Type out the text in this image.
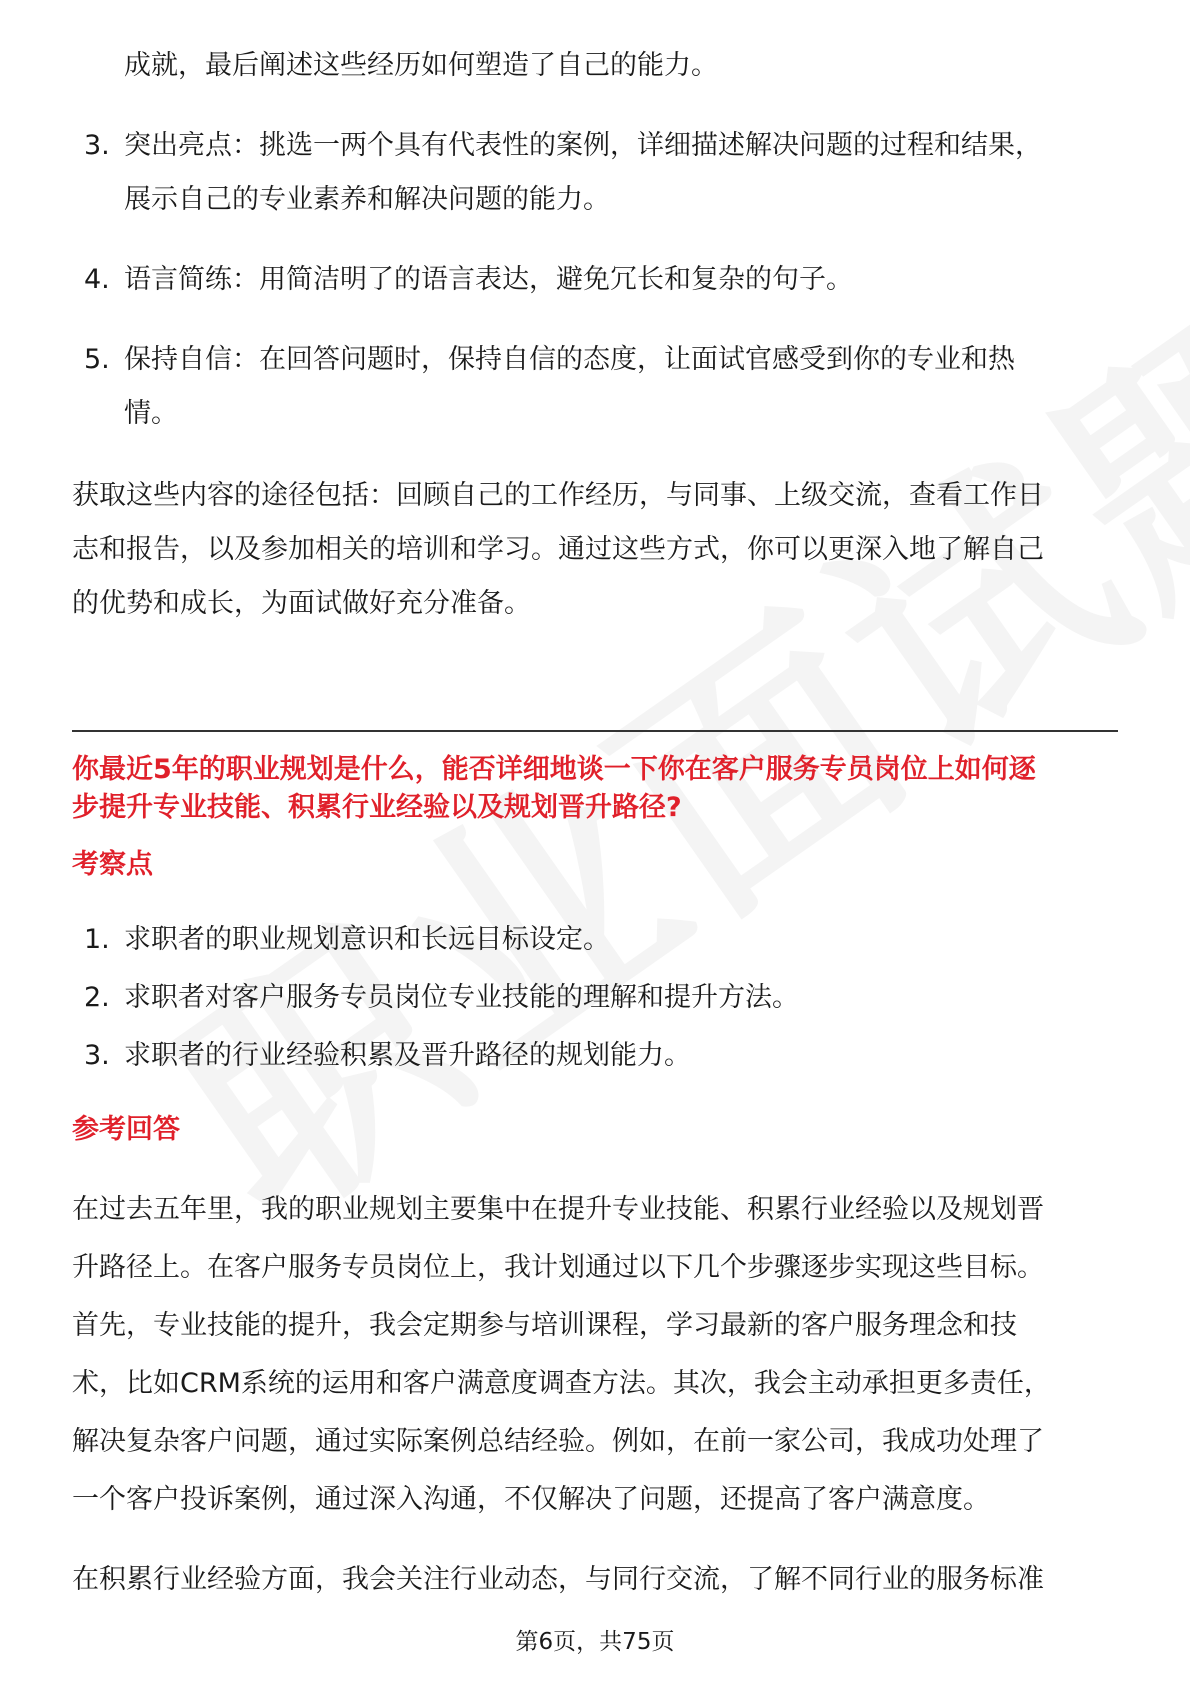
成就，最后阐述这些经历如何塑造了自己的能力。
3. 突出亮点：挑选一两个具有代表性的案例，详细描述解决问题的过程和结果，
展示自己的专业素养和解决问题的能力。
4. 语言简练：用简洁明了的语言表达，避免冗长和复杂的句子。
5. 保持自信：在回答问题时，保持自信的态度，让面试官感受到你的专业和热
情。
获取这些内容的途径包括：回顾自己的工作经历，与同事、上级交流，查看工作日
志和报告，以及参加相关的培训和学习。通过这些方式，你可以更深入地了解自己
的优势和成长，为面试做好充分准备。
你最近5年的职业规划是什么，能否详细地谈一下你在客户服务专员岗位上如何逐
步提升专业技能、积累行业经验以及规划晋升路径?
考察点
1. 求职者的职业规划意识和长远目标设定。
2. 求职者对客户服务专员岗位专业技能的理解和提升方法。
3. 求职者的行业经验积累及晋升路径的规划能力。
参考回答
在过去五年里，我的职业规划主要集中在提升专业技能、积累行业经验以及规划晋
升路径上。在客户服务专员岗位上，我计划通过以下几个步骤逐步实现这些目标。
首先，专业技能的提升，我会定期参与培训课程，学习最新的客户服务理念和技
术，比如CRM系统的运用和客户满意度调查方法。其次，我会主动承担更多责任，
解决复杂客户问题，通过实际案例总结经验。例如，在前一家公司，我成功处理了
一个客户投诉案例，通过深入沟通，不仅解决了问题，还提高了客户满意度。
在积累行业经验方面，我会关注行业动态，与同行交流，了解不同行业的服务标准
第6页，共75页
